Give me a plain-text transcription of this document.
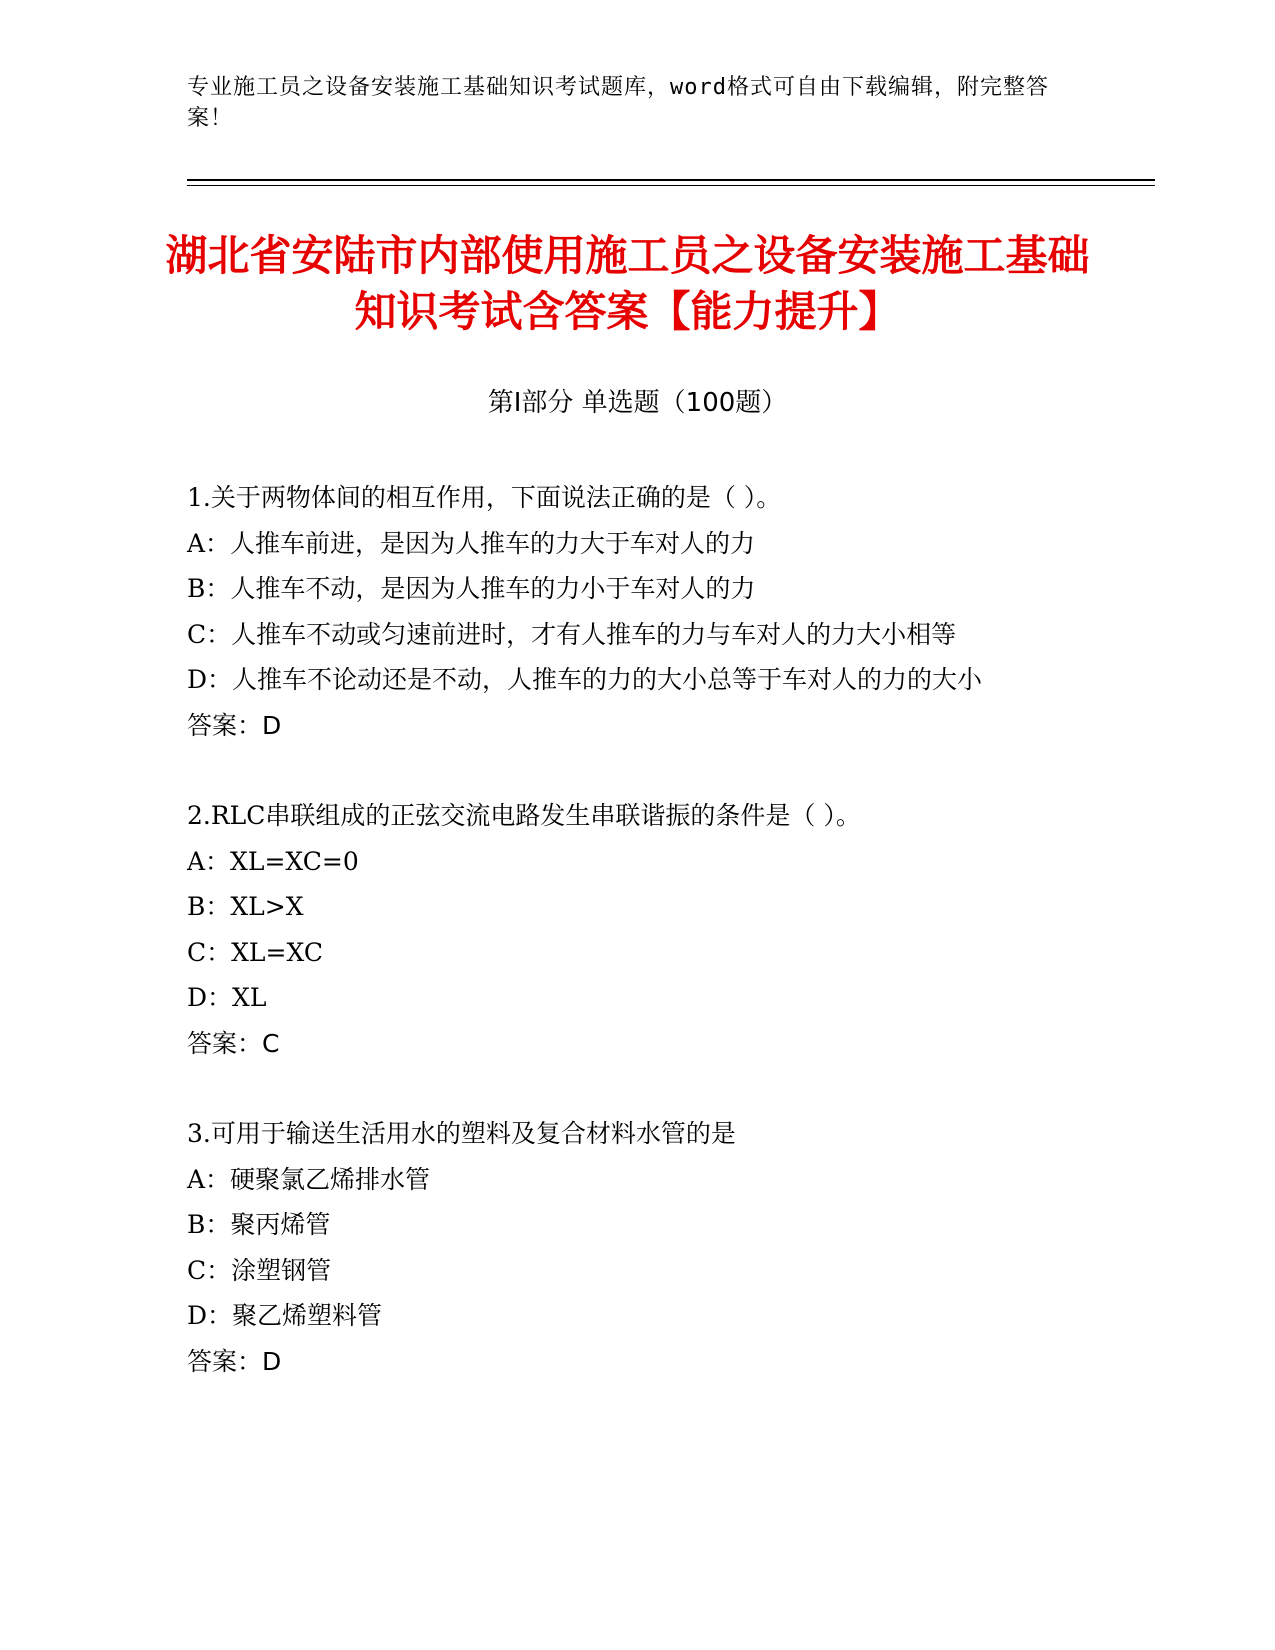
专业施工员之设备安装施工基础知识考试题库，word格式可自由下载编辑，附完整答案！
湖北省安陆市内部使用施工员之设备安装施工基础知识考试含答案【能力提升】
第Ⅰ部分 单选题（100题）

1.关于两物体间的相互作用，下面说法正确的是（ ）。

A：人推车前进，是因为人推车的力大于车对人的力

B：人推车不动，是因为人推车的力小于车对人的力

C：人推车不动或匀速前进时，才有人推车的力与车对人的力大小相等

D：人推车不论动还是不动，人推车的力的大小总等于车对人的力的大小

答案：D

2.RLC串联组成的正弦交流电路发生串联谐振的条件是（ ）。

A：XL=XC=0

B：XL>X

C：XL=XC

D：XL

答案：C

3.可用于输送生活用水的塑料及复合材料水管的是

A：硬聚氯乙烯排水管

B：聚丙烯管

C：涂塑钢管

D：聚乙烯塑料管

答案：D
